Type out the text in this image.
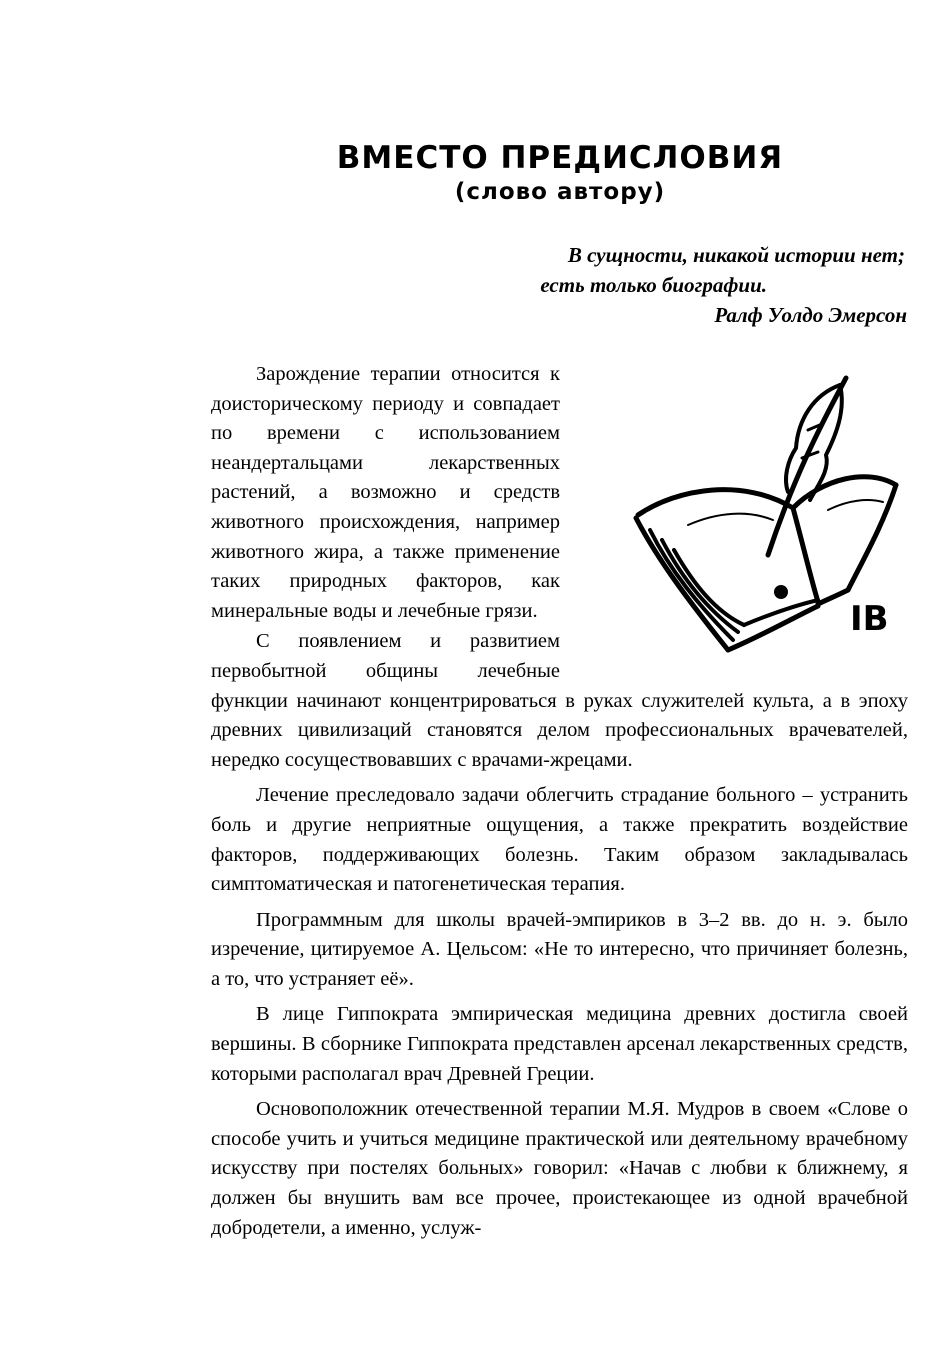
ВМЕСТО ПРЕДИСЛОВИЯ
(слово автору)
В сущности, никакой истории нет;
есть только биографии.
Ралф Уолдо Эмерсон
IB

Зарождение терапии относится к доисторическому периоду и совпадает по времени с использованием неандертальцами лекарственных растений, а возможно и средств животного происхождения, например животного жира, а также применение таких природных факторов, как минеральные воды и лечебные грязи.

С появлением и развитием первобытной общины лечебные функции начинают концентрироваться в руках служителей культа, а в эпоху древних цивилизаций становятся делом профессиональных врачевателей, нередко сосуществовавших с врачами-жрецами.

Лечение преследовало задачи облегчить страдание больного – устранить боль и другие неприятные ощущения, а также прекратить воздействие факторов, поддерживающих болезнь. Таким образом закладывалась симптоматическая и патогенетическая терапия.

Программным для школы врачей-эмпириков в 3–2 вв. до н. э. было изречение, цитируемое А. Цельсом: «Не то интересно, что причиняет болезнь, а то, что устраняет её».

В лице Гиппократа эмпирическая медицина древних достигла своей вершины. В сборнике Гиппократа представлен арсенал лекарственных средств, которыми располагал врач Древней Греции.

Основоположник отечественной терапии М.Я. Мудров в своем «Слове о способе учить и учиться медицине практической или деятельному врачебному искусству при постелях больных» говорил: «Начав с любви к ближнему, я должен бы внушить вам все прочее, проистекающее из одной врачебной добродетели, а именно, услуж-
